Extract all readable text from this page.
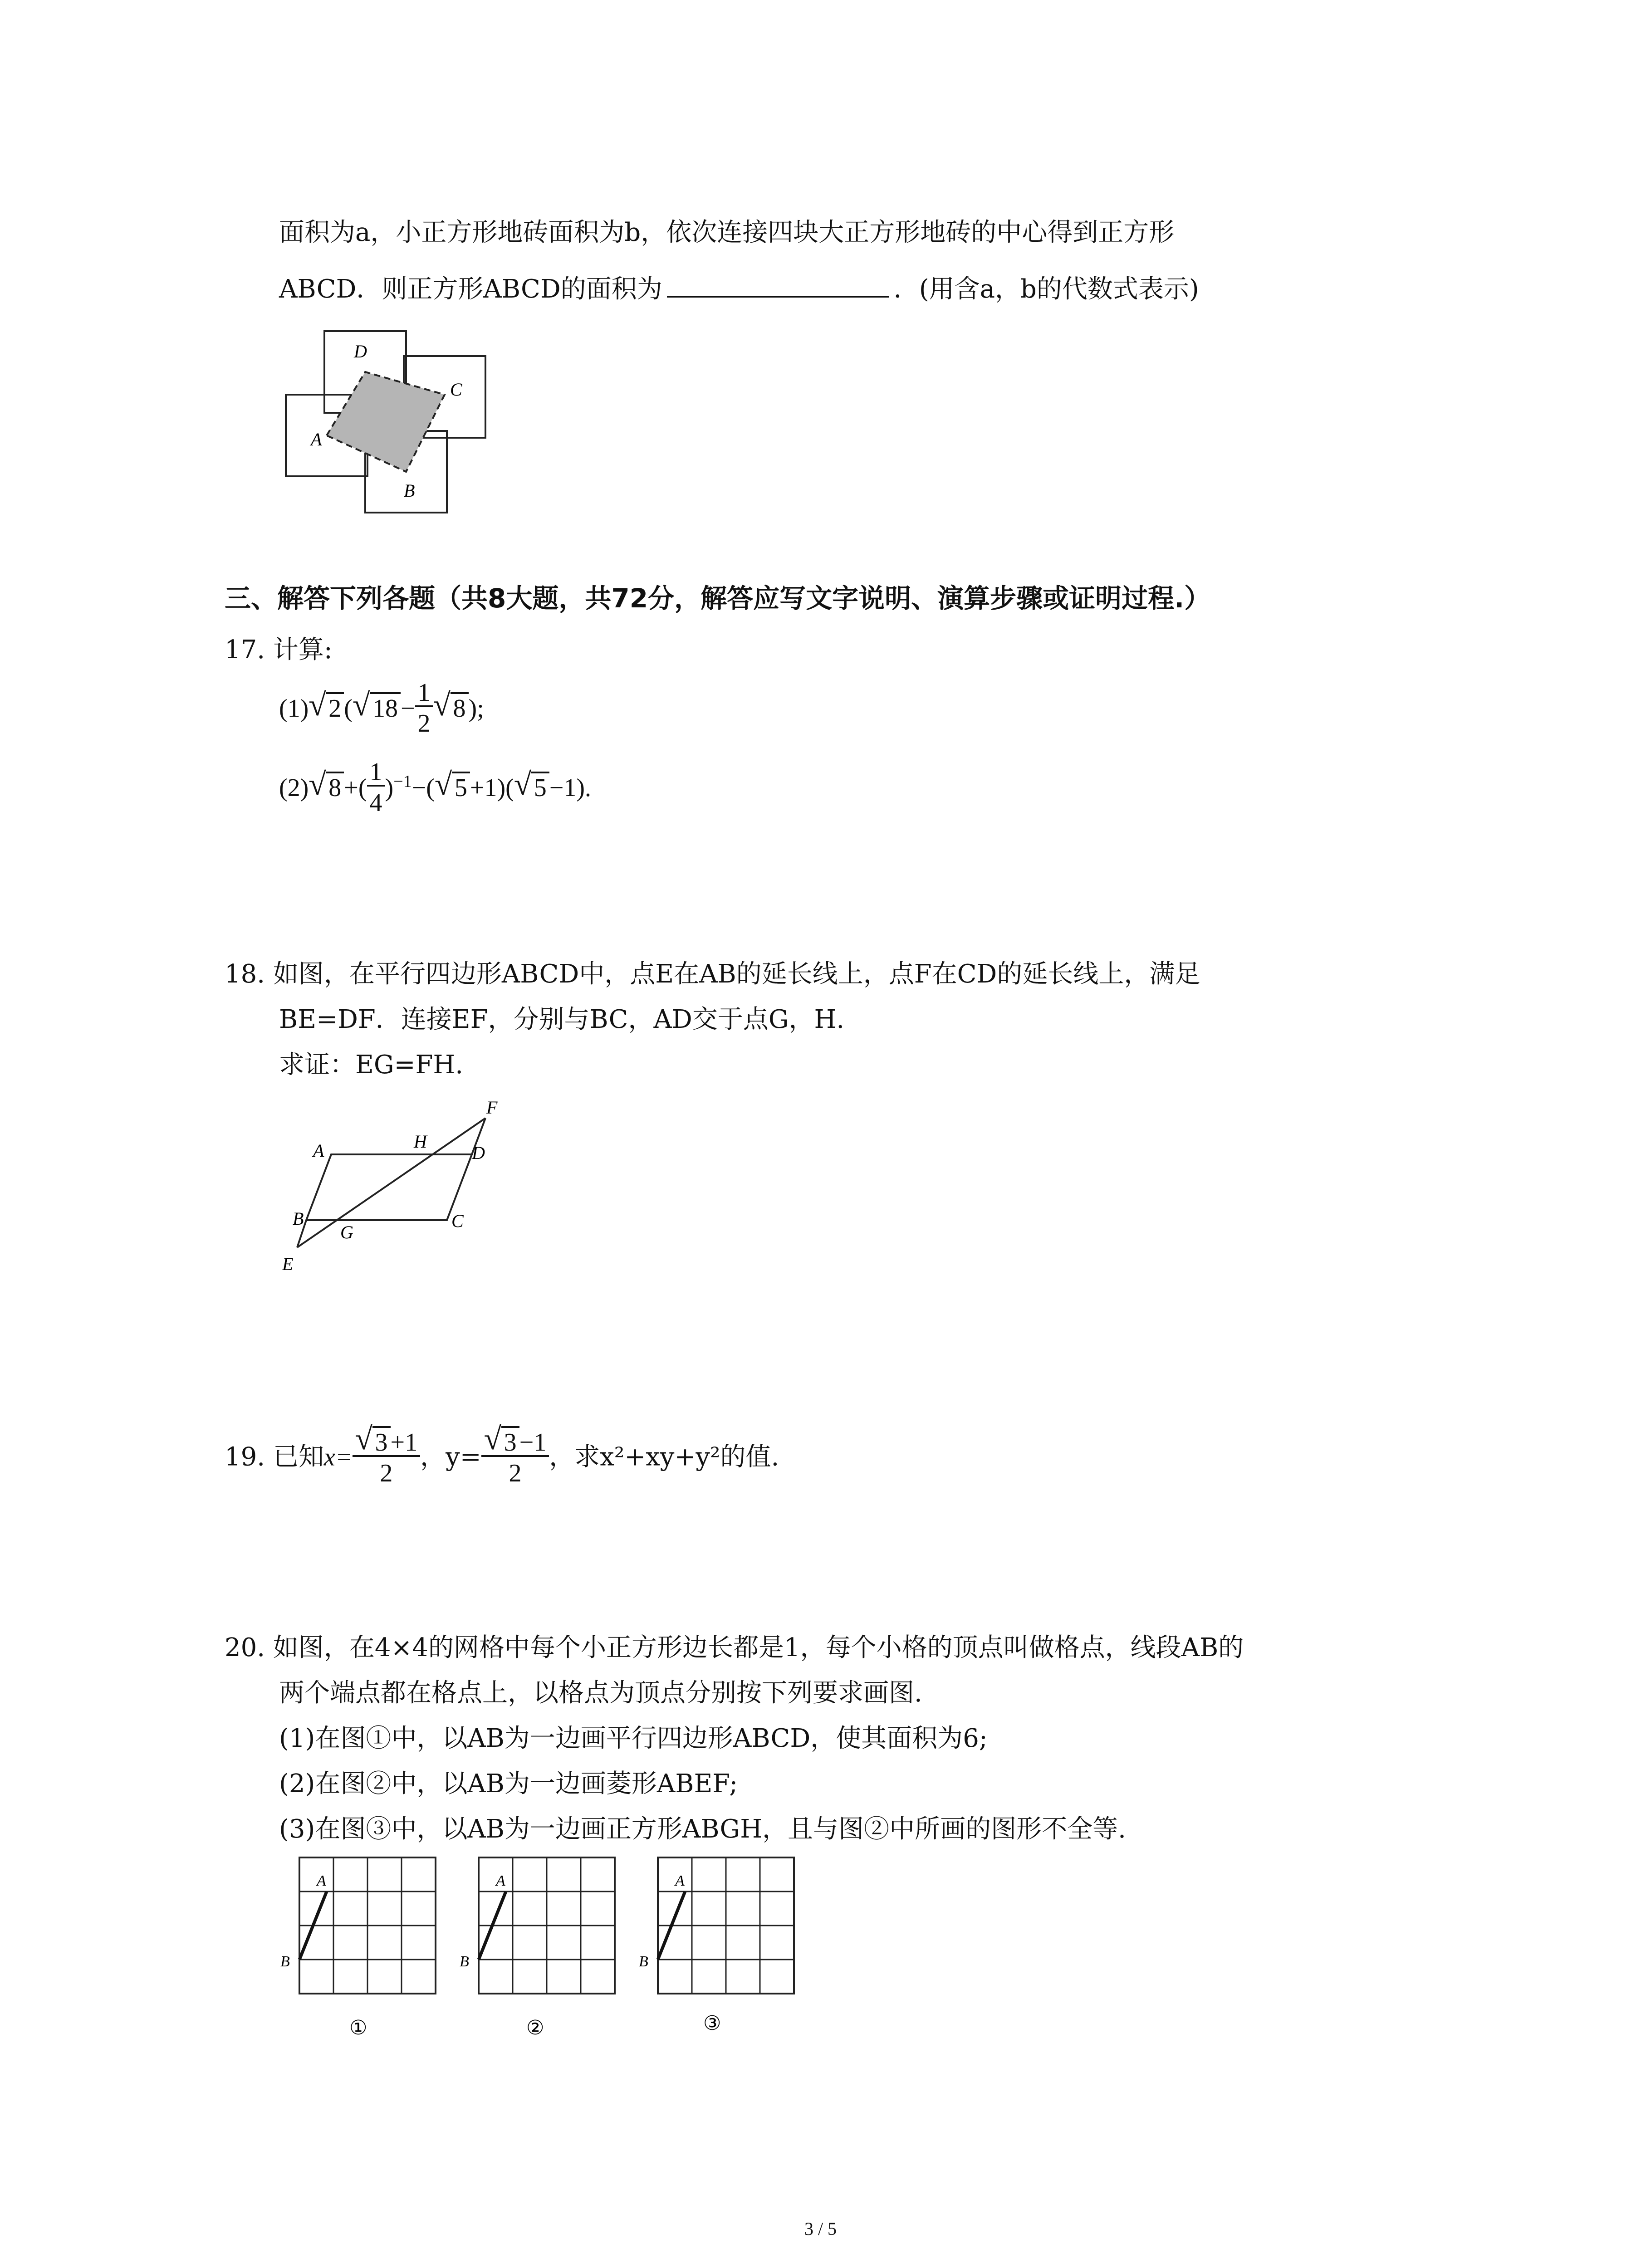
面积为a，小正方形地砖面积为b，依次连接四块大正方形地砖的中心得到正方形
ABCD．则正方形ABCD的面积为	．(用含a，b的代数式表示)
A
B
C
D
三、解答下列各题（共8大题，共72分，解答应写文字说明、演算步骤或证明过程.）
17. 计算:
(1) √ 2 ( √ $18 - \frac{1}{2}$ √ 8 );
(2) √ 8 +( $\frac{1}{4} )^{-1}-$( √ 5 +1)( √ 5 −1).
18. 如图，在平行四边形ABCD中，点E在AB的延长线上，点F在CD的延长线上，满足
BE=DF．连接EF，分别与BC，AD交于点G，H.
求证：EG=FH.
A
B	C
D
E
F
G
H
19. 已知$x= \frac{√ 3 +1}{2}$ ，$y= \frac{√ 3 -1}{2}$ ，求x²+xy+y²的值.
20. 如图，在4×4的网格中每个小正方形边长都是1，每个小格的顶点叫做格点，线段AB的
两个端点都在格点上，以格点为顶点分别按下列要求画图.
(1)在图①中，以AB为一边画平行四边形ABCD，使其面积为6;
(2)在图②中，以AB为一边画菱形ABEF;
(3)在图③中，以AB为一边画正方形ABGH，且与图②中所画的图形不全等.
A
B
①
A
B
②
A
B
③
3 / 5
